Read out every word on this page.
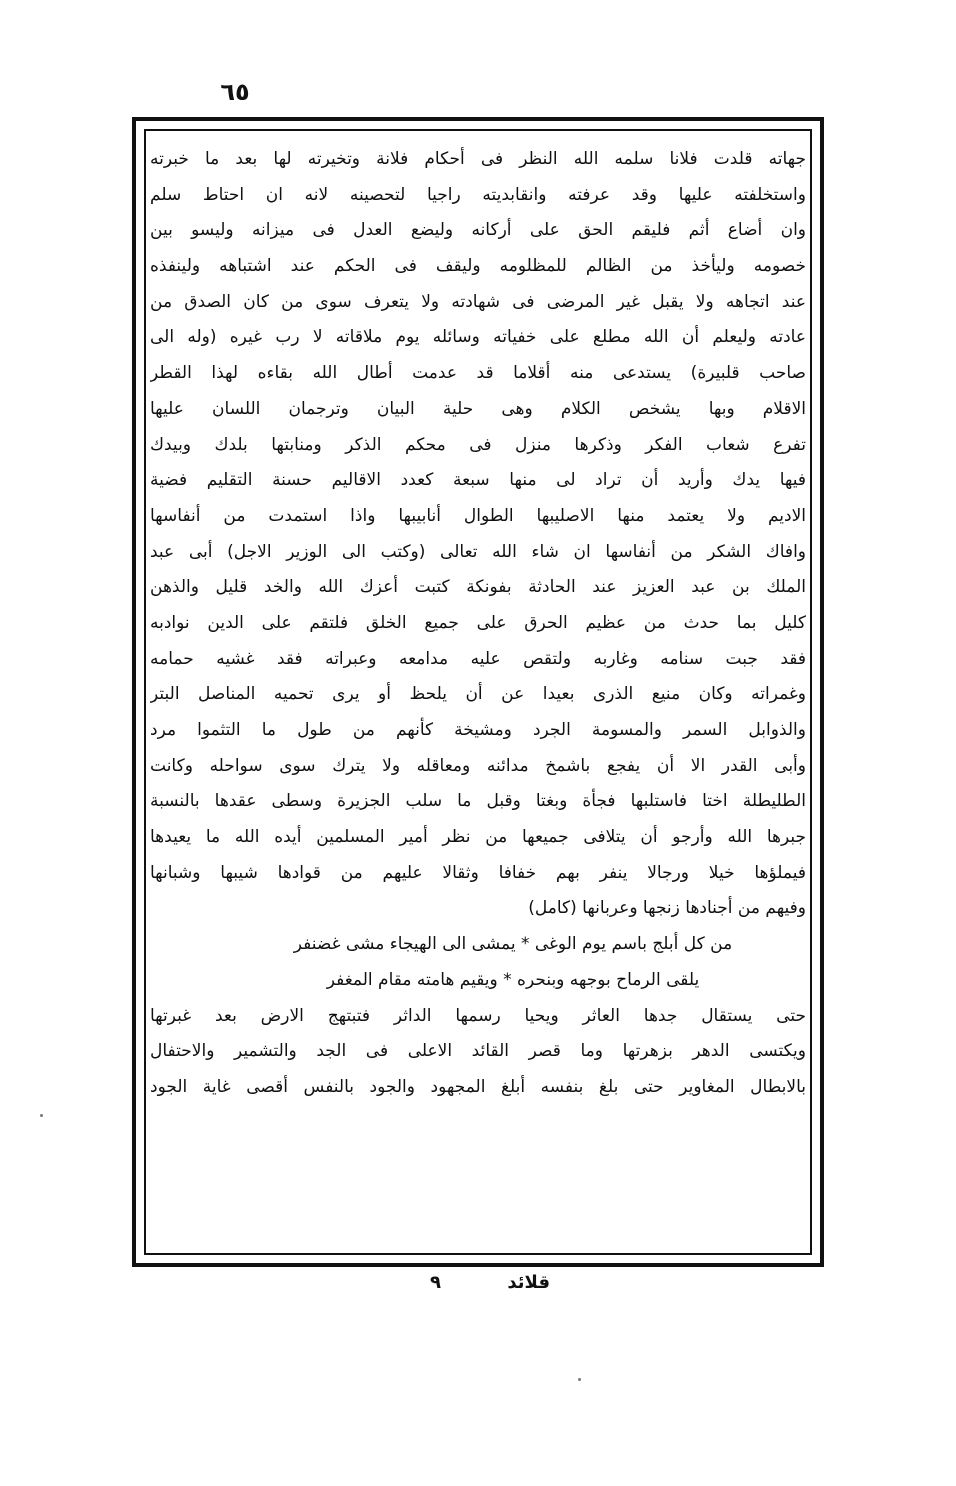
٦٥
جهاته قلدت فلانا سلمه الله النظر فى أحكام فلانة وتخيرته لها بعد ما خبرته
واستخلفته عليها وقد عرفته وانقابديته راجيا لتحصينه لانه ان احتاط سلم
وان أضاع أثم فليقم الحق على أركانه وليضع العدل فى ميزانه وليسو بين
خصومه وليأخذ من الظالم للمظلومه وليقف فى الحكم عند اشتباهه ولينفذه
عند اتجاهه ولا يقبل غير المرضى فى شهادته ولا يتعرف سوى من كان الصدق من
عادته وليعلم أن الله مطلع على خفياته وسائله يوم ملاقاته لا رب غيره (وله الى
صاحب قلبيرة) يستدعى منه أقلاما قد عدمت أطال الله بقاءه لهذا القطر
الاقلام وبها يشخص الكلام وهى حلية البيان وترجمان اللسان عليها
تفرع شعاب الفكر وذكرها منزل فى محكم الذكر ومنابتها بلدك وبيدك
فيها يدك وأريد أن تراد لى منها سبعة كعدد الاقاليم حسنة التقليم فضية
الاديم ولا يعتمد منها الاصليبها الطوال أنابيبها واذا استمدت من أنفاسها
وافاك الشكر من أنفاسها ان شاء الله تعالى (وكتب الى الوزير الاجل) أبى عبد
الملك بن عبد العزيز عند الحادثة بفونكة كتبت أعزك الله والخد قليل والذهن
كليل بما حدث من عظيم الحرق على جميع الخلق فلتقم على الدين نوادبه
فقد جبت سنامه وغاربه ولتقص عليه مدامعه وعبراته فقد غشيه حمامه
وغمراته وكان منيع الذرى بعيدا عن أن يلحظ أو يرى تحميه المناصل البتر
والذوابل السمر والمسومة الجرد ومشيخة كأنهم من طول ما التثموا مرد
وأبى القدر الا أن يفجع باشمخ مدائنه ومعاقله ولا يترك سوى سواحله وكانت
الطليطلة اختا فاستلبها فجأة وبغتا وقبل ما سلب الجزيرة وسطى عقدها بالنسبة
جبرها الله وأرجو أن يتلافى جميعها من نظر أمير المسلمين أيده الله ما يعيدها
فيملؤها خيلا ورجالا ينفر بهم خفافا وثقالا عليهم من قوادها شيبها وشبانها
وفيهم من أجنادها زنجها وعربانها (كامل)
من كل أبلج باسم يوم الوغى * يمشى الى الهيجاء مشى غضنفر
يلقى الرماح بوجهه وبنحره * ويقيم هامته مقام المغفر
حتى يستقال جدها العاثر ويحيا رسمها الداثر فتبتهج الارض بعد غبرتها
ويكتسى الدهر بزهرتها وما قصر القائد الاعلى فى الجد والتشمير والاحتفال
بالابطال المغاوير حتى بلغ بنفسه أبلغ المجهود والجود بالنفس أقصى غاية الجود
قلائد
٩
